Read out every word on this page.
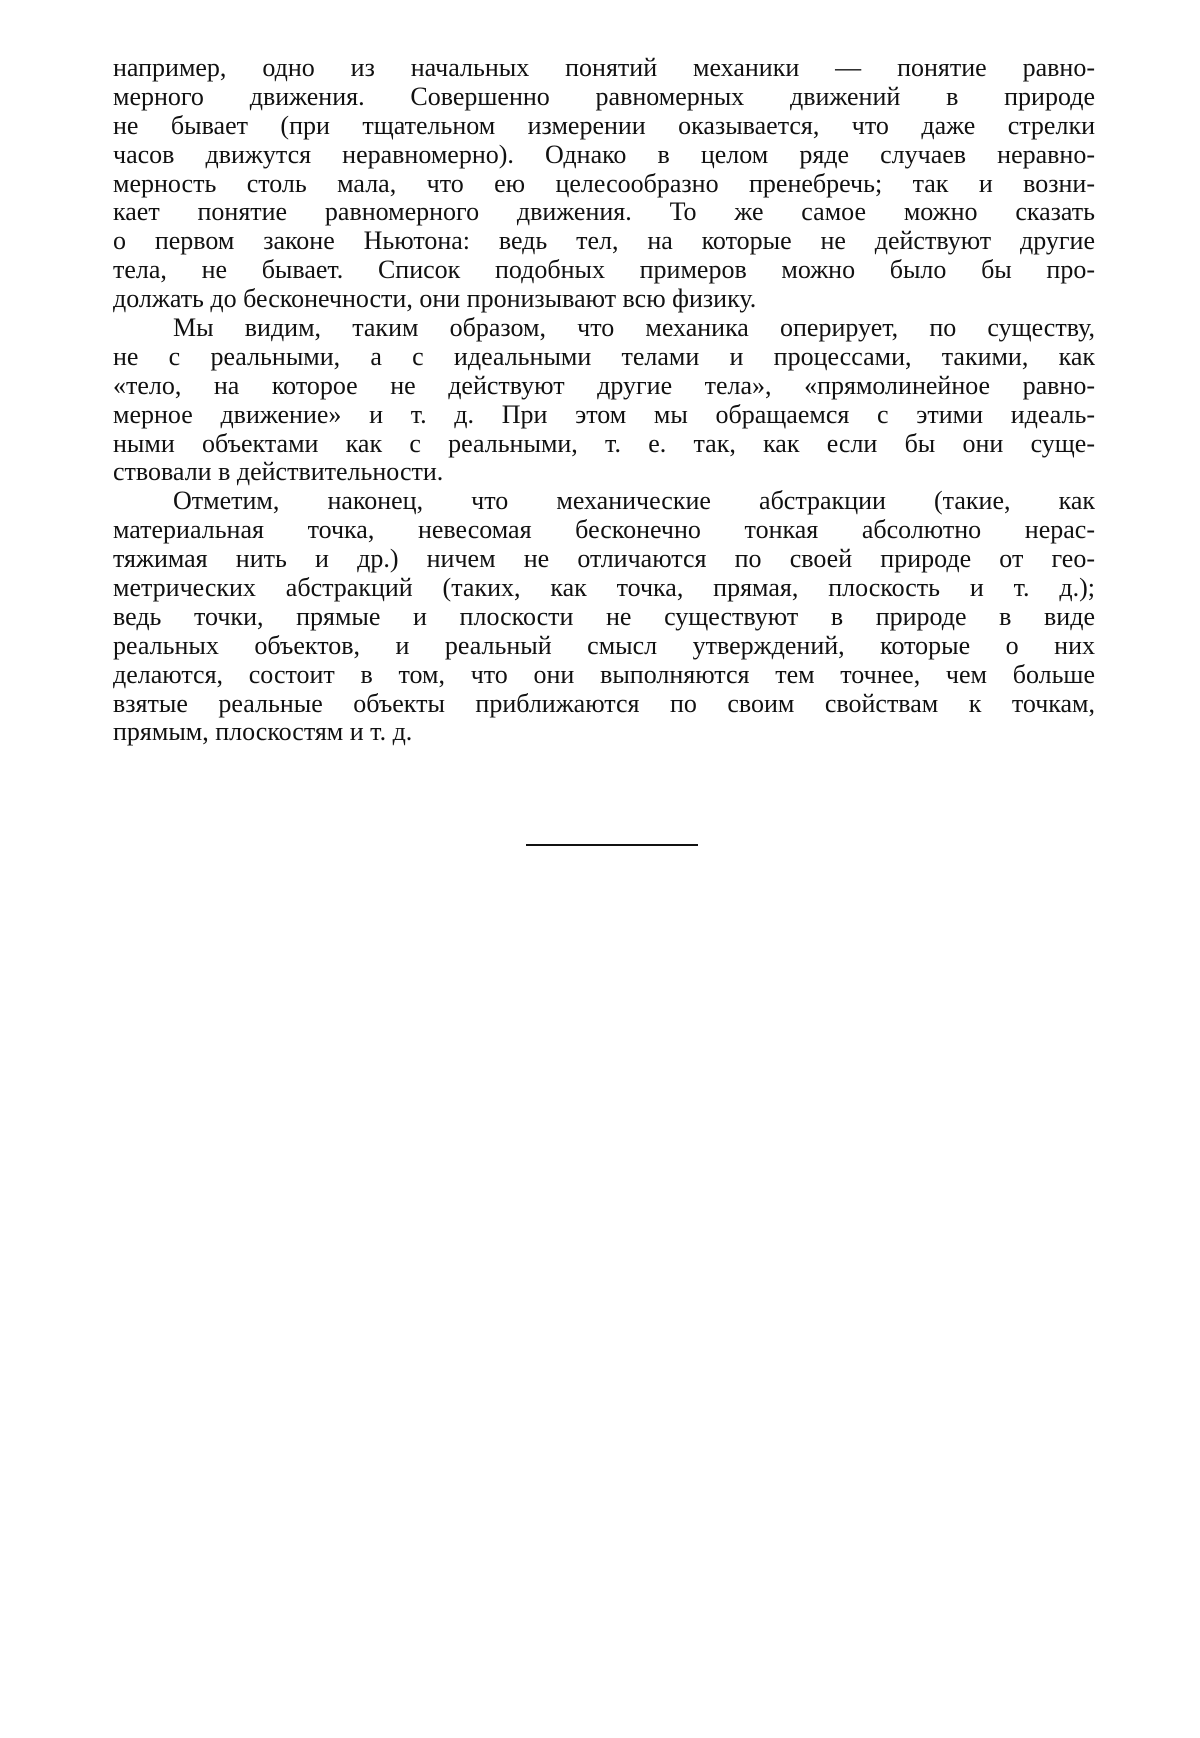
например, одно из начальных понятий механики — понятие равно-
мерного движения. Совершенно равномерных движений в природе
не бывает (при тщательном измерении оказывается, что даже стрелки
часов движутся неравномерно). Однако в целом ряде случаев неравно-
мерность столь мала, что ею целесообразно пренебречь; так и возни-
кает понятие равномерного движения. То же самое можно сказать
о первом законе Ньютона: ведь тел, на которые не действуют другие
тела, не бывает. Список подобных примеров можно было бы про-
должать до бесконечности, они пронизывают всю физику.
Мы видим, таким образом, что механика оперирует, по существу,
не с реальными, а с идеальными телами и процессами, такими, как
«тело, на которое не действуют другие тела», «прямолинейное равно-
мерное движение» и т. д. При этом мы обращаемся с этими идеаль-
ными объектами как с реальными, т. е. так, как если бы они суще-
ствовали в действительности.
Отметим, наконец, что механические абстракции (такие, как
материальная точка, невесомая бесконечно тонкая абсолютно нерас-
тяжимая нить и др.) ничем не отличаются по своей природе от гео-
метрических абстракций (таких, как точка, прямая, плоскость и т. д.);
ведь точки, прямые и плоскости не существуют в природе в виде
реальных объектов, и реальный смысл утверждений, которые о них
делаются, состоит в том, что они выполняются тем точнее, чем больше
взятые реальные объекты приближаются по своим свойствам к точкам,
прямым, плоскостям и т. д.
